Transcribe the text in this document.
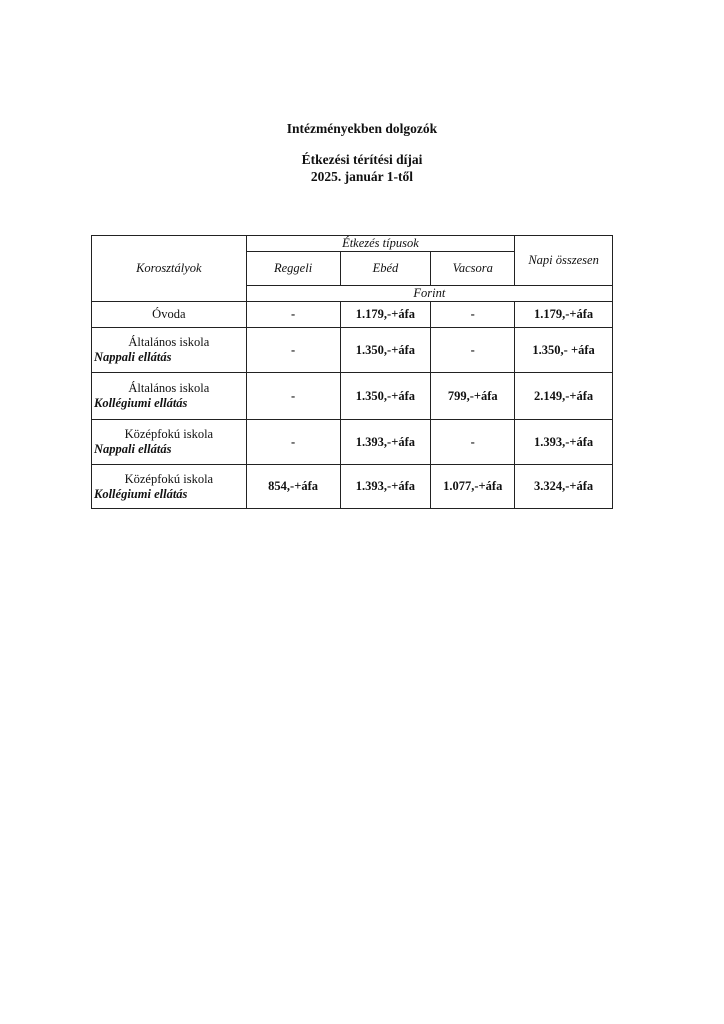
Intézményekben dolgozók
Étkezési térítési díjai
2025. január 1-től
Korosztályok	Étkezés típusok			Napi összesen
	Reggeli	Ebéd	Vacsora	
	Forint			

Óvoda	-	1.179,-+áfa	-	1.179,-+áfa

Általános iskola
Nappali ellátás	-	1.350,-+áfa	-	1.350,- +áfa

Általános iskola
Kollégiumi ellátás	-	1.350,-+áfa	799,-+áfa	2.149,-+áfa

Középfokú iskola
Nappali ellátás	-	1.393,-+áfa	-	1.393,-+áfa

Középfokú iskola
Kollégiumi ellátás	854,-+áfa	1.393,-+áfa	1.077,-+áfa	3.324,-+áfa
